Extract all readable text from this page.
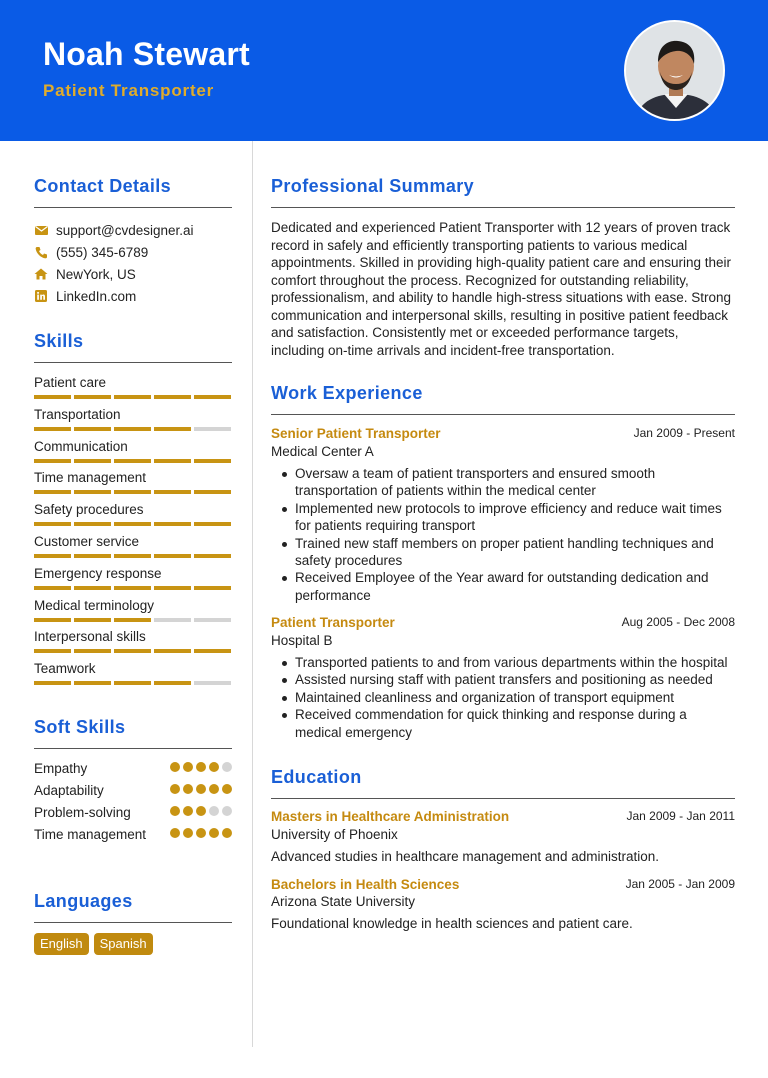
Noah Stewart
Patient Transporter
Contact Details
support@cvdesigner.ai
(555) 345-6789
NewYork, US
LinkedIn.com
Skills
Patient care
Transportation
Communication
Time management
Safety procedures
Customer service
Emergency response
Medical terminology
Interpersonal skills
Teamwork
Soft Skills
Empathy
Adaptability
Problem-solving
Time management
Languages
English	Spanish
Professional Summary

Dedicated and experienced Patient Transporter with 12 years of proven track record in safely and efficiently transporting patients to various medical appointments. Skilled in providing high-quality patient care and ensuring their comfort throughout the process. Recognized for outstanding reliability, professionalism, and ability to handle high-stress situations with ease. Strong communication and interpersonal skills, resulting in positive patient feedback and satisfaction. Consistently met or exceeded performance targets, including on-time arrivals and incident-free transportation.

Work Experience
Senior Patient Transporter	Jan 2009 - Present
Medical Center A
Oversaw a team of patient transporters and ensured smooth transportation of patients within the medical center
Implemented new protocols to improve efficiency and reduce wait times for patients requiring transport
Trained new staff members on proper patient handling techniques and safety procedures
Received Employee of the Year award for outstanding dedication and performance
Patient Transporter	Aug 2005 - Dec 2008
Hospital B
Transported patients to and from various departments within the hospital
Assisted nursing staff with patient transfers and positioning as needed
Maintained cleanliness and organization of transport equipment
Received commendation for quick thinking and response during a medical emergency
Education
Masters in Healthcare Administration	Jan 2009 - Jan 2011
University of Phoenix
Advanced studies in healthcare management and administration.
Bachelors in Health Sciences	Jan 2005 - Jan 2009
Arizona State University
Foundational knowledge in health sciences and patient care.
